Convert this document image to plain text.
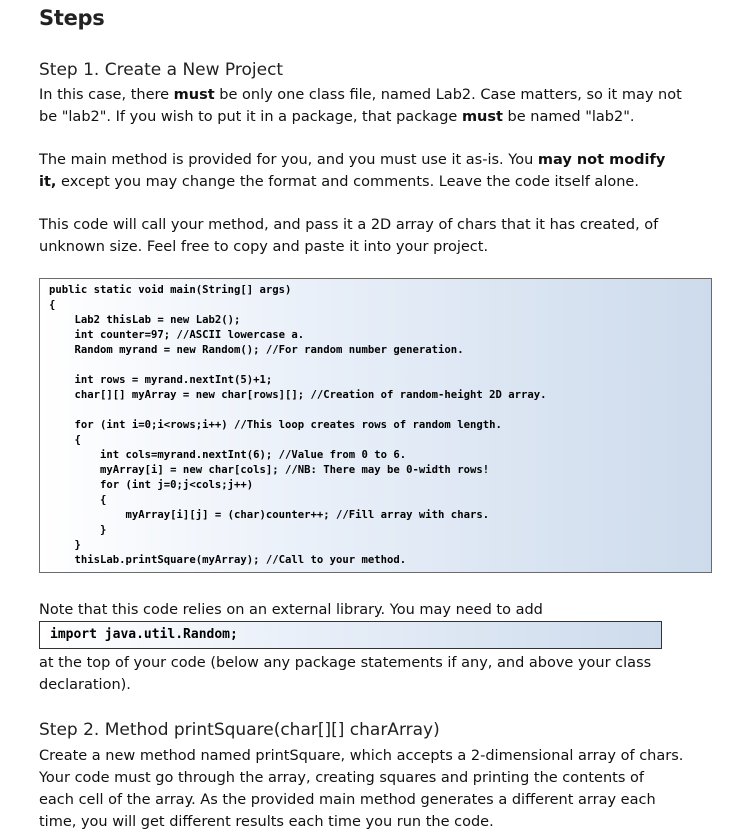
Steps
Step 1. Create a New Project
In this case, there must be only one class file, named Lab2. Case matters, so it may not
be "lab2". If you wish to put it in a package, that package must be named "lab2".
The main method is provided for you, and you must use it as-is. You may not modify
it, except you may change the format and comments. Leave the code itself alone.
This code will call your method, and pass it a 2D array of chars that it has created, of
unknown size. Feel free to copy and paste it into your project.
public static void main(String[] args)
{
Lab2 thisLab = new Lab2();
int counter=97; //ASCII lowercase a.
Random myrand = new Random(); //For random number generation.
int rows = myrand.nextInt(5)+1;
char[][] myArray = new char[rows][]; //Creation of random-height 2D array.
for (int i=0;i<rows;i++) //This loop creates rows of random length.
{
int cols=myrand.nextInt(6); //Value from 0 to 6.
myArray[i] = new char[cols]; //NB: There may be 0-width rows!
for (int j=0;j<cols;j++)
{
myArray[i][j] = (char)counter++; //Fill array with chars.
}
}
thisLab.printSquare(myArray); //Call to your method.
Note that this code relies on an external library. You may need to add
import java.util.Random;
at the top of your code (below any package statements if any, and above your class
declaration).
Step 2. Method printSquare(char[][] charArray)
Create a new method named printSquare, which accepts a 2-dimensional array of chars.
Your code must go through the array, creating squares and printing the contents of
each cell of the array. As the provided main method generates a different array each
time, you will get different results each time you run the code.
